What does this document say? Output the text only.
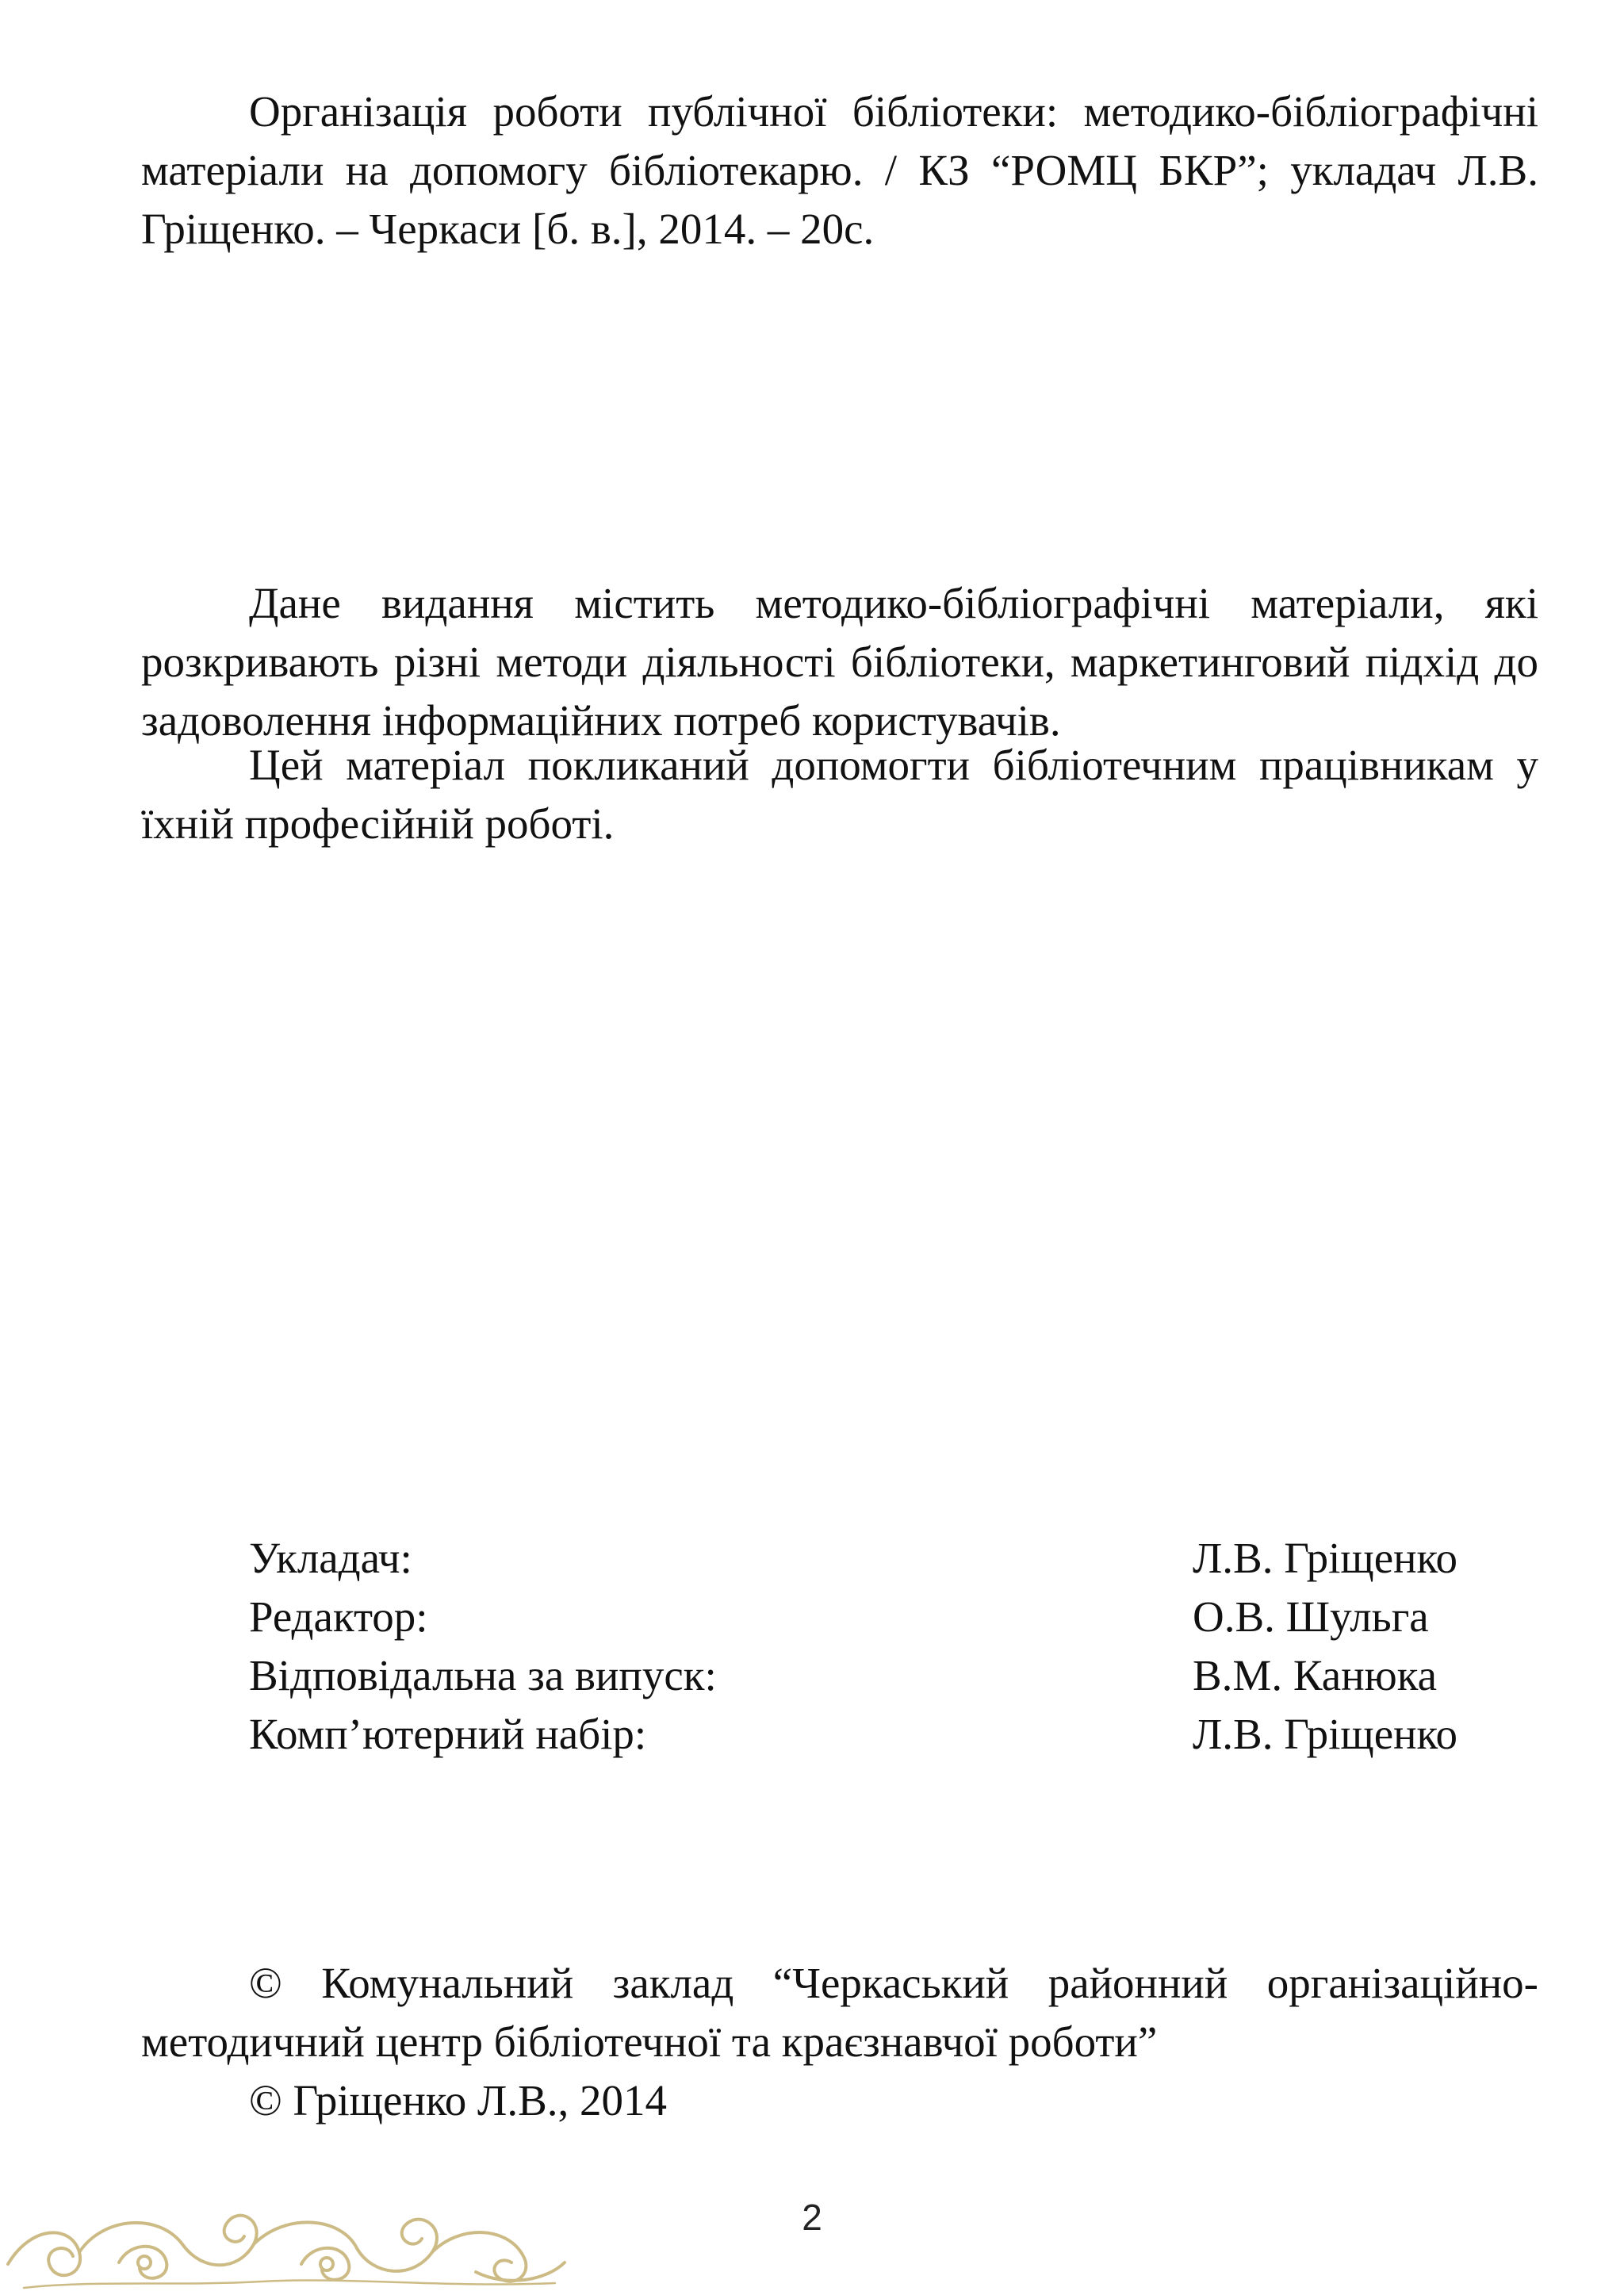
Організація роботи публічної бібліотеки: методико-бібліографічні матеріали на допомогу бібліотекарю. / КЗ “РОМЦ БКР”; укладач Л.В. Гріщенко. – Черкаси [б. в.], 2014. – 20с.

Дане видання містить методико-бібліографічні матеріали, які розкривають різні методи діяльності бібліотеки, маркетинговий підхід до задоволення інформаційних потреб користувачів.

Цей матеріал покликаний допомогти бібліотечним працівникам у їхній професійній роботі.

Укладач:	Л.В. Гріщенко
Редактор:	О.В. Шульга
Відповідальна за випуск:	В.М. Канюка
Комп’ютерний набір:	Л.В. Гріщенко

© Комунальний заклад “Черкаський районний організаційно-методичний центр бібліотечної та краєзнавчої роботи”

© Гріщенко Л.В., 2014

2
